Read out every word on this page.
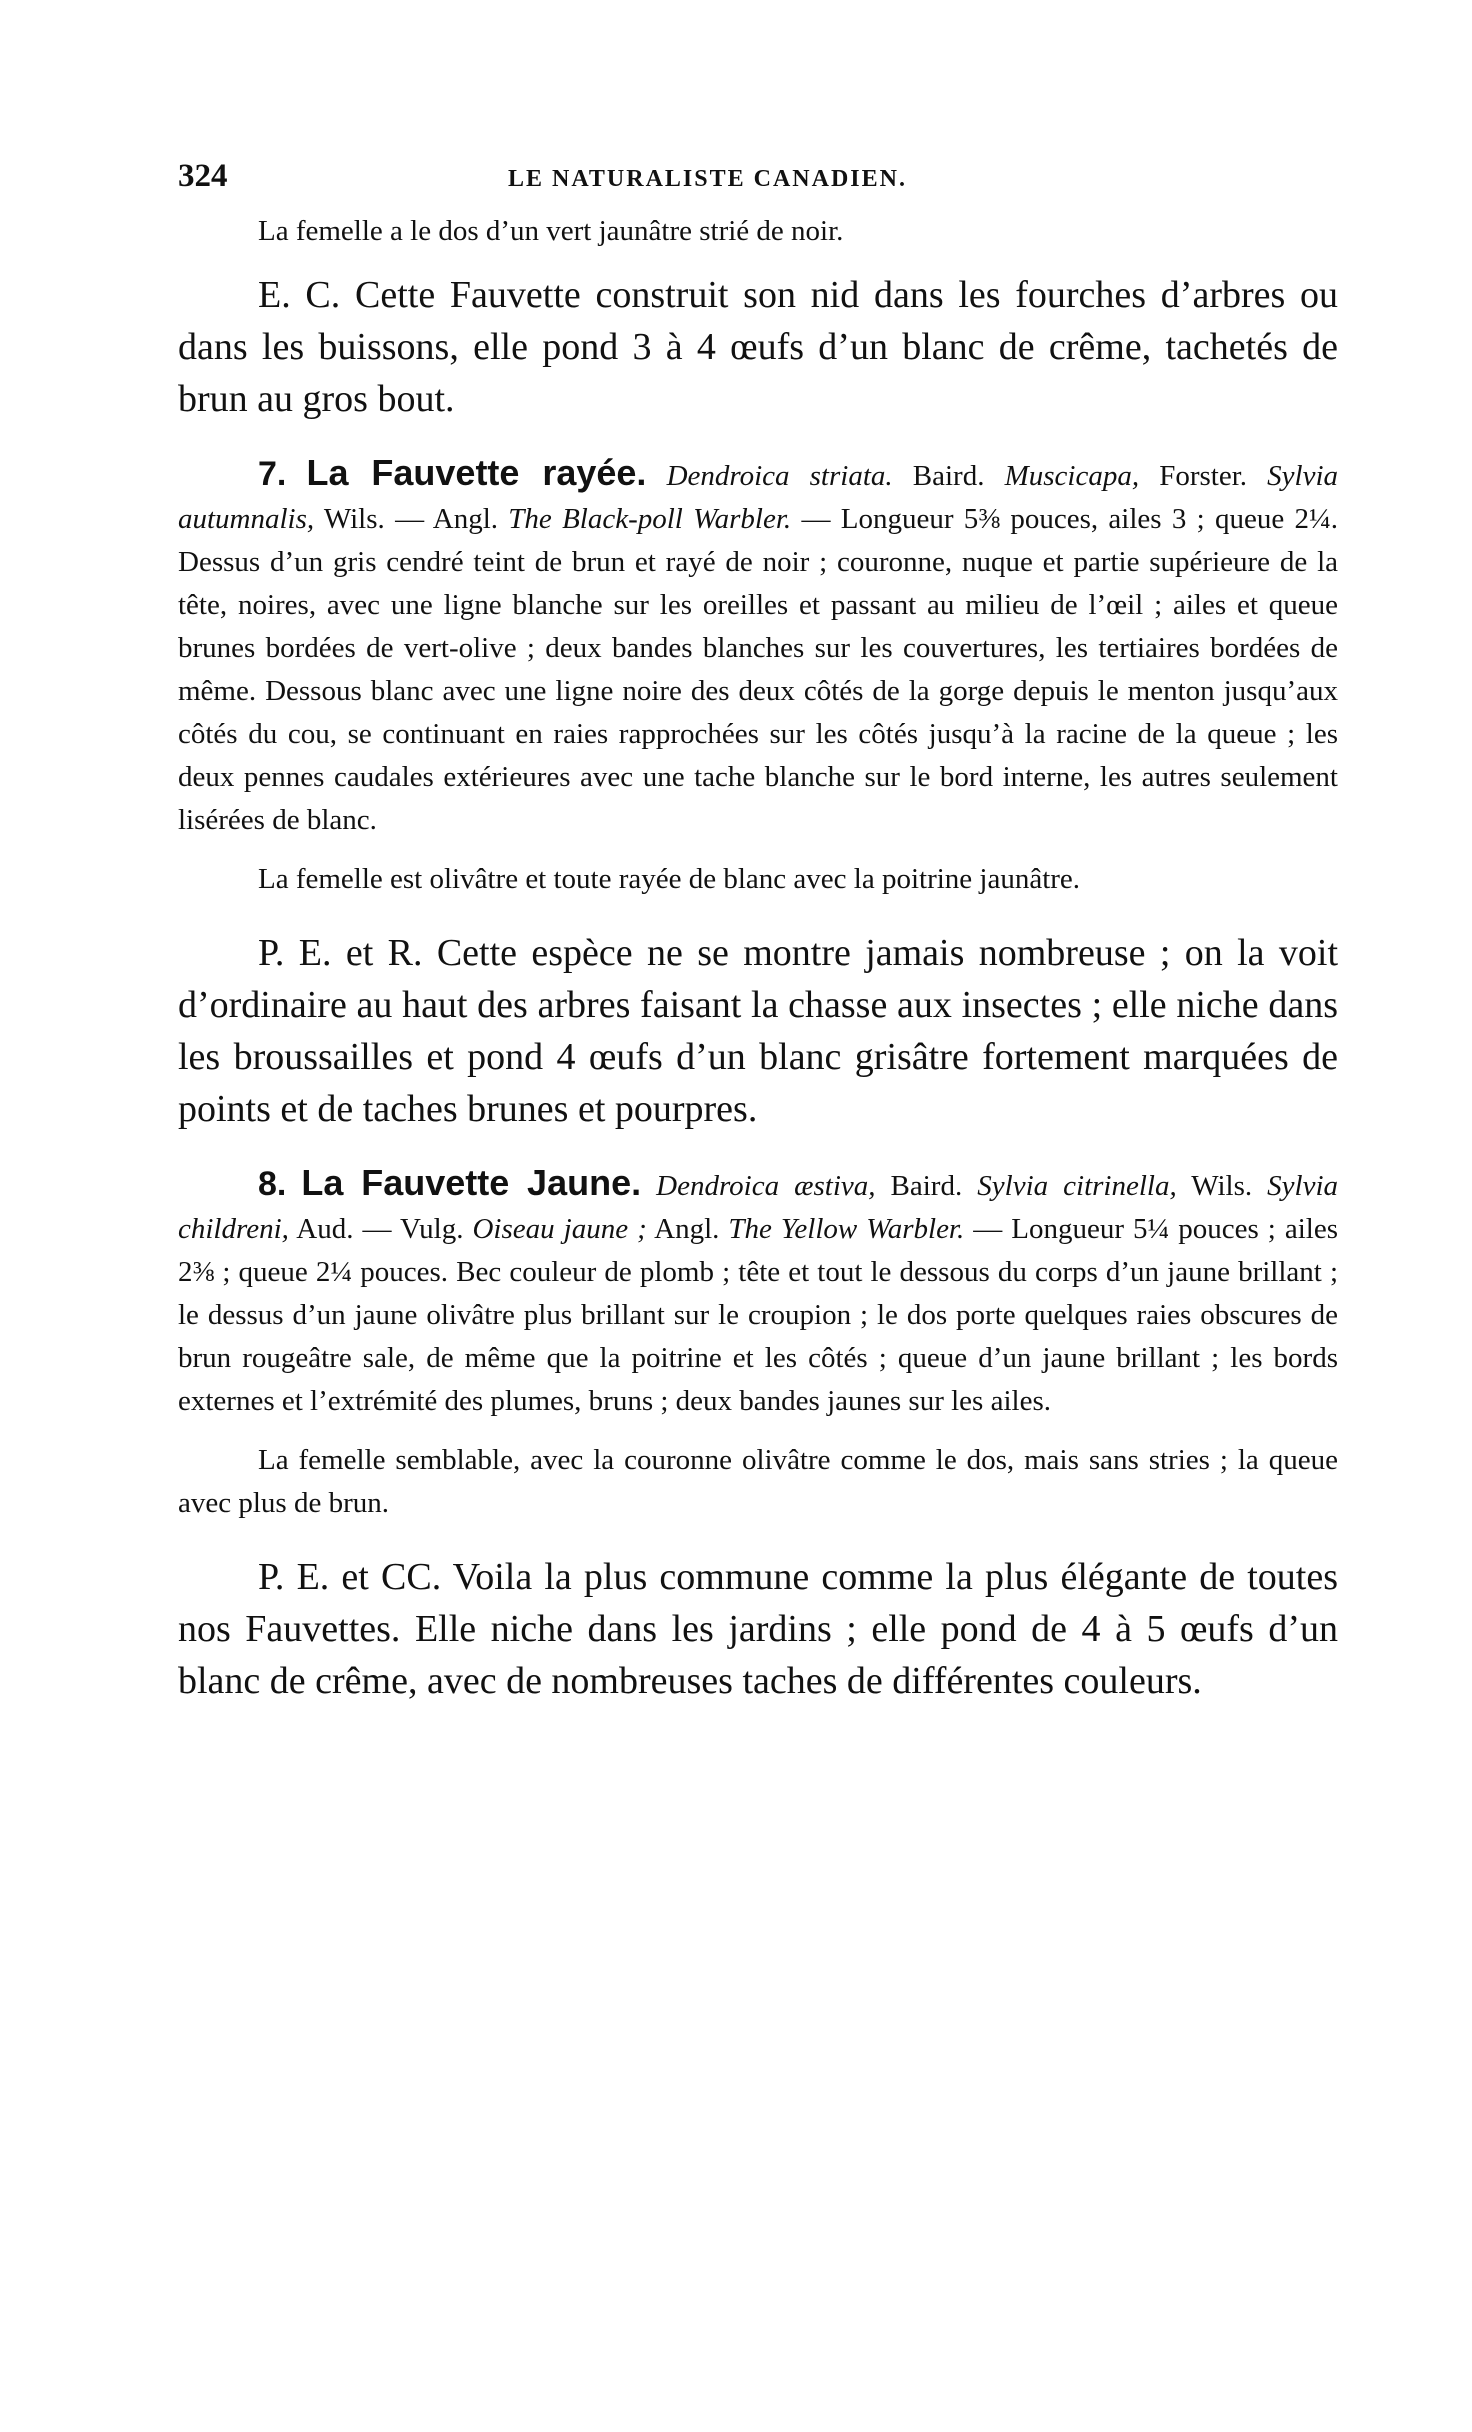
324	LE NATURALISTE CANADIEN.

La femelle a le dos d’un vert jaunâtre strié de noir.

E. C. Cette Fauvette construit son nid dans les fourches d’arbres ou dans les buissons, elle pond 3 à 4 œufs d’un blanc de crême, tachetés de brun au gros bout.

7. La Fauvette rayée. Dendroica striata. Baird. Muscicapa, Forster. Sylvia autumnalis, Wils. — Angl. The Black-poll Warbler. — Longueur 5⅜ pouces, ailes 3 ; queue 2¼. Dessus d’un gris cendré teint de brun et rayé de noir ; couronne, nuque et partie supérieure de la tête, noires, avec une ligne blanche sur les oreilles et passant au milieu de l’œil ; ailes et queue brunes bordées de vert-olive ; deux bandes blanches sur les couvertures, les tertiaires bordées de même. Dessous blanc avec une ligne noire des deux côtés de la gorge depuis le menton jusqu’aux côtés du cou, se continuant en raies rapprochées sur les côtés jusqu’à la racine de la queue ; les deux pennes caudales extérieures avec une tache blanche sur le bord interne, les autres seulement lisérées de blanc.

La femelle est olivâtre et toute rayée de blanc avec la poitrine jaunâtre.

P. E. et R. Cette espèce ne se montre jamais nombreuse ; on la voit d’ordinaire au haut des arbres faisant la chasse aux insectes ; elle niche dans les broussailles et pond 4 œufs d’un blanc grisâtre fortement marquées de points et de taches brunes et pourpres.

8. La Fauvette Jaune. Dendroica æstiva, Baird. Sylvia citrinella, Wils. Sylvia childreni, Aud. — Vulg. Oiseau jaune ; Angl. The Yellow Warbler. — Longueur 5¼ pouces ; ailes 2⅜ ; queue 2¼ pouces. Bec couleur de plomb ; tête et tout le dessous du corps d’un jaune brillant ; le dessus d’un jaune olivâtre plus brillant sur le croupion ; le dos porte quelques raies obscures de brun rougeâtre sale, de même que la poitrine et les côtés ; queue d’un jaune brillant ; les bords externes et l’extrémité des plumes, bruns ; deux bandes jaunes sur les ailes.

La femelle semblable, avec la couronne olivâtre comme le dos, mais sans stries ; la queue avec plus de brun.

P. E. et CC. Voila la plus commune comme la plus élégante de toutes nos Fauvettes. Elle niche dans les jardins ; elle pond de 4 à 5 œufs d’un blanc de crême, avec de nombreuses taches de différentes couleurs.
